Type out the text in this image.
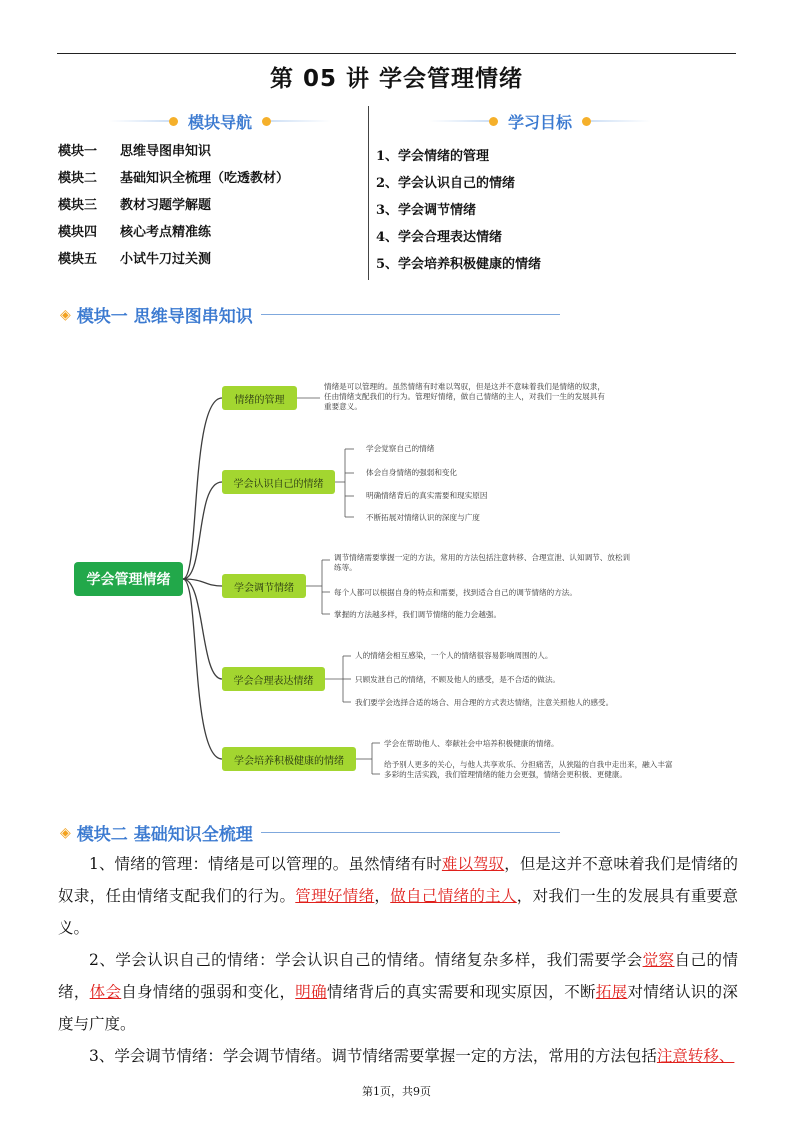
第 05 讲 学会管理情绪
模块导航
模块一	思维导图串知识
模块二	基础知识全梳理（吃透教材）
模块三	教材习题学解题
模块四	核心考点精准练
模块五	小试牛刀过关测
学习目标
1、学会情绪的管理
2、学会认识自己的情绪
3、学会调节情绪
4、学会合理表达情绪
5、学会培养积极健康的情绪
◈ 模块一 思维导图串知识
学会管理情绪
情绪的管理
学会认识自己的情绪
学会调节情绪
学会合理表达情绪
学会培养积极健康的情绪
情绪是可以管理的。虽然情绪有时难以驾驭，但是这并不意味着我们是情绪的奴隶，任由情绪支配我们的行为。管理好情绪，做自己情绪的主人，对我们一生的发展具有重要意义。
学会觉察自己的情绪
体会自身情绪的强弱和变化
明确情绪背后的真实需要和现实原因
不断拓展对情绪认识的深度与广度
调节情绪需要掌握一定的方法，常用的方法包括注意转移、合理宣泄、认知调节、放松训练等。
每个人都可以根据自身的特点和需要，找到适合自己的调节情绪的方法。
掌握的方法越多样，我们调节情绪的能力会越强。
人的情绪会相互感染，一个人的情绪很容易影响周围的人。
只顾发泄自己的情绪，不顾及他人的感受，是不合适的做法。
我们要学会选择合适的场合、用合理的方式表达情绪，注意关照他人的感受。
学会在帮助他人、奉献社会中培养积极健康的情绪。
给予别人更多的关心，与他人共享欢乐、分担痛苦，从狭隘的自我中走出来，融入丰富多彩的生活实践，我们管理情绪的能力会更强，情绪会更积极、更健康。
◈ 模块二 基础知识全梳理

1、情绪的管理：情绪是可以管理的。虽然情绪有时难以驾驭，但是这并不意味着我们是情绪的奴隶，任由情绪支配我们的行为。管理好情绪，做自己情绪的主人，对我们一生的发展具有重要意义。

2、学会认识自己的情绪：学会认识自己的情绪。情绪复杂多样，我们需要学会觉察自己的情绪，体会自身情绪的强弱和变化，明确情绪背后的真实需要和现实原因，不断拓展对情绪认识的深度与广度。

3、学会调节情绪：学会调节情绪。调节情绪需要掌握一定的方法，常用的方法包括注意转移、

第1页，共9页
